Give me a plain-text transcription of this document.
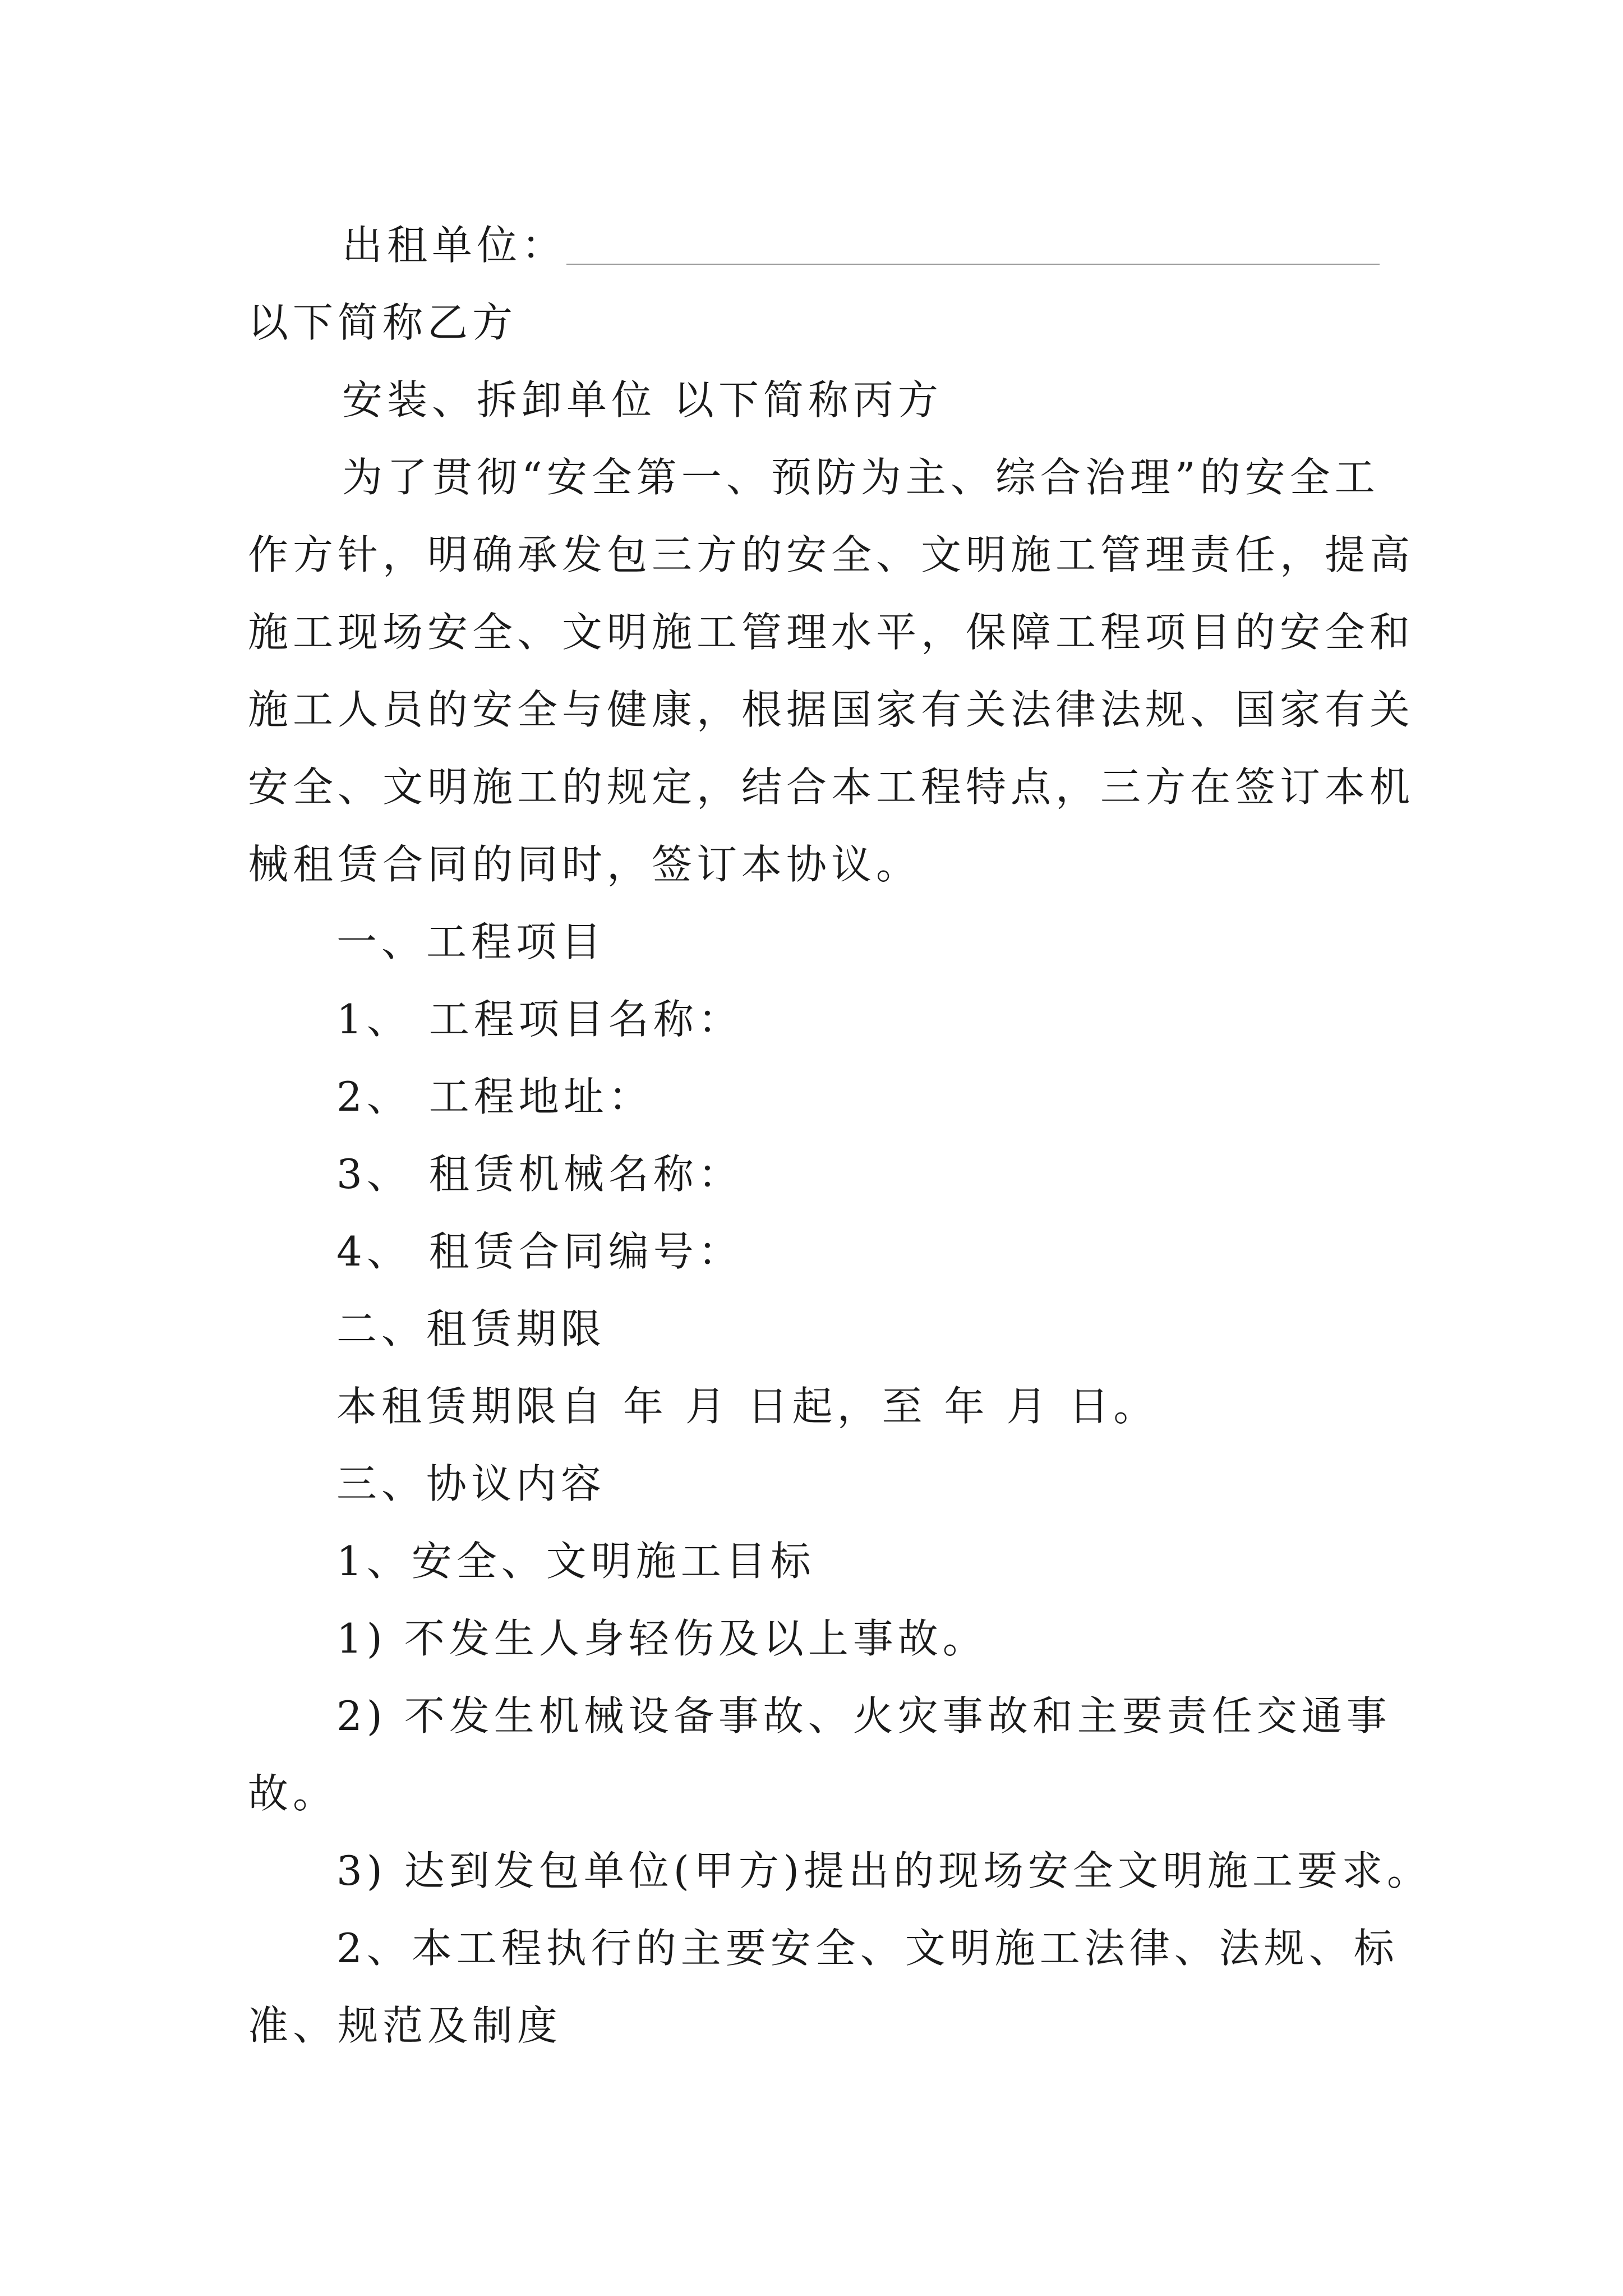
出租单位：
以下简称乙方
安装、拆卸单位 以下简称丙方
为了贯彻“安全第一、预防为主、综合治理”的安全工
作方针，明确承发包三方的安全、文明施工管理责任，提高
施工现场安全、文明施工管理水平，保障工程项目的安全和
施工人员的安全与健康，根据国家有关法律法规、国家有关
安全、文明施工的规定，结合本工程特点，三方在签订本机
械租赁合同的同时，签订本协议。
一、工程项目
1、 工程项目名称：
2、 工程地址：
3、 租赁机械名称：
4、 租赁合同编号：
二、租赁期限
本租赁期限自 年 月 日起，至 年 月 日。
三、协议内容
1、安全、文明施工目标
1) 不发生人身轻伤及以上事故。
2) 不发生机械设备事故、火灾事故和主要责任交通事
故。
3) 达到发包单位(甲方)提出的现场安全文明施工要求。
2、本工程执行的主要安全、文明施工法律、法规、标
准、规范及制度
